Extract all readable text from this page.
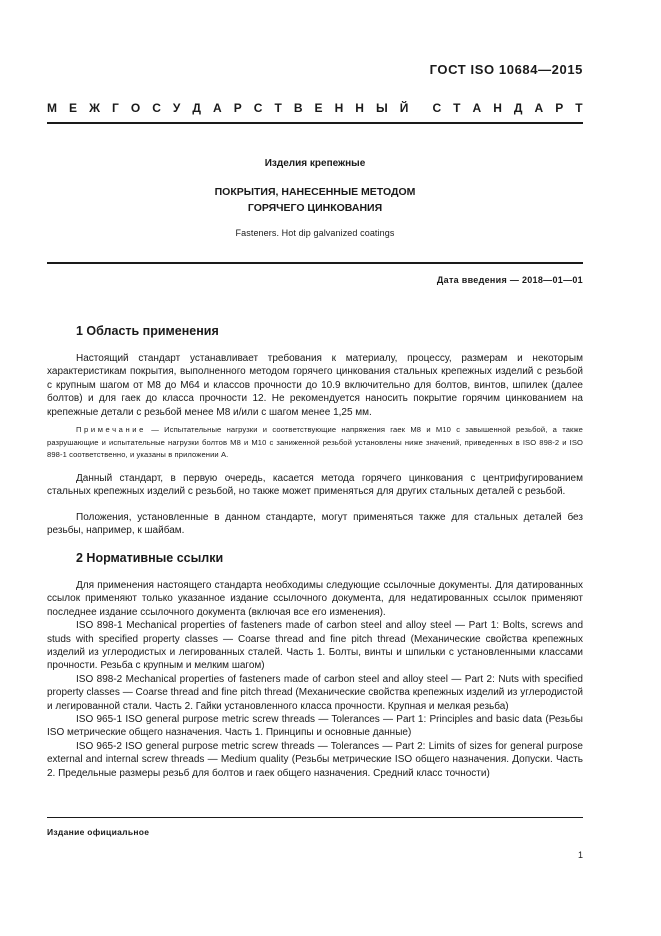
ГОСТ ISO 10684—2015
М Е Ж Г О С У Д А Р С Т В Е Н Н Ы Й С Т А Н Д А Р Т
Изделия крепежные
ПОКРЫТИЯ, НАНЕСЕННЫЕ МЕТОДОМ
ГОРЯЧЕГО ЦИНКОВАНИЯ
Fasteners. Hot dip galvanized coatings
Дата введения — 2018—01—01
1 Область применения
Настоящий стандарт устанавливает требования к материалу, процессу, размерам и некоторым характеристикам покрытия, выполненного методом горячего цинкования стальных крепежных изделий с резьбой с крупным шагом от М8 до М64 и классов прочности до 10.9 включительно для болтов, винтов, шпилек (далее болтов) и для гаек до класса прочности 12. Не рекомендуется наносить покрытие горячим цинкованием на крепежные детали с резьбой менее М8 и/или с шагом менее 1,25 мм.
Примечание — Испытательные нагрузки и соответствующие напряжения гаек М8 и М10 с завышенной резьбой, а также разрушающие и испытательные нагрузки болтов М8 и М10 с заниженной резьбой установлены ниже значений, приведенных в ISO 898-2 и ISO 898-1 соответственно, и указаны в приложении А.
Данный стандарт, в первую очередь, касается метода горячего цинкования с центрифугированием стальных крепежных изделий с резьбой, но также может применяться для других стальных деталей с резьбой.
Положения, установленные в данном стандарте, могут применяться также для стальных деталей без резьбы, например, к шайбам.
2 Нормативные ссылки
Для применения настоящего стандарта необходимы следующие ссылочные документы. Для датированных ссылок применяют только указанное издание ссылочного документа, для недатированных ссылок применяют последнее издание ссылочного документа (включая все его изменения).
ISO 898-1 Mechanical properties of fasteners made of carbon steel and alloy steel — Part 1: Bolts, screws and studs with specified property classes — Coarse thread and fine pitch thread (Механические свойства крепежных изделий из углеродистых и легированных сталей. Часть 1. Болты, винты и шпильки с установленными классами прочности. Резьба с крупным и мелким шагом)
ISO 898-2 Mechanical properties of fasteners made of carbon steel and alloy steel — Part 2: Nuts with specified property classes — Coarse thread and fine pitch thread (Механические свойства крепежных изделий из углеродистой и легированной стали. Часть 2. Гайки установленного класса прочности. Крупная и мелкая резьба)
ISO 965-1 ISO general purpose metric screw threads — Tolerances — Part 1: Principles and basic data (Резьбы ISO метрические общего назначения. Часть 1. Принципы и основные данные)
ISO 965-2 ISO general purpose metric screw threads — Tolerances — Part 2: Limits of sizes for general purpose external and internal screw threads — Medium quality (Резьбы метрические ISO общего назначения. Допуски. Часть 2. Предельные размеры резьб для болтов и гаек общего назначения. Средний класс точности)
Издание официальное
1
